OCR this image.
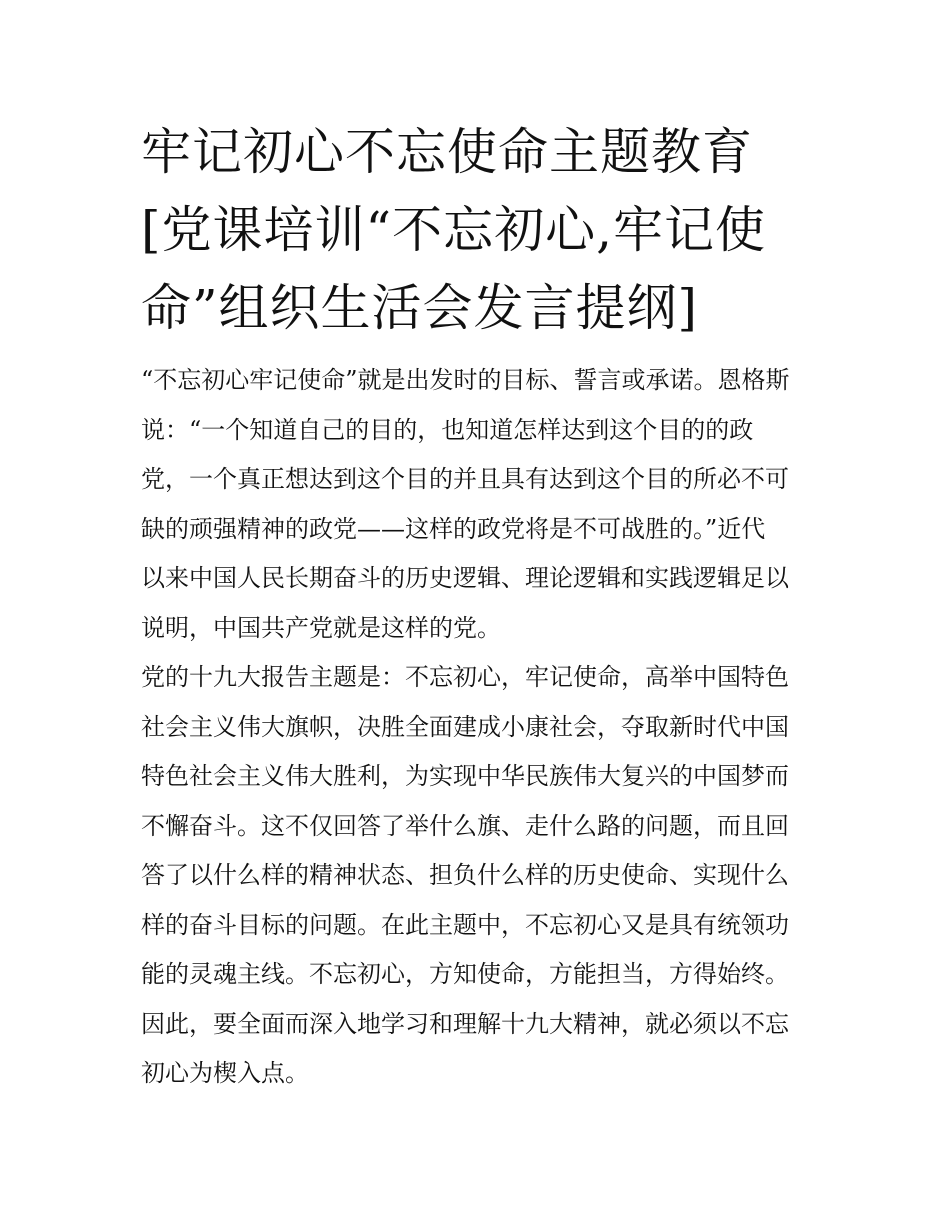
牢记初心不忘使命主题教育
[党课培训“不忘初心,牢记使
命”组织生活会发言提纲]

“不忘初心牢记使命”就是出发时的目标、誓言或承诺。恩格斯
说：“一个知道自己的目的，也知道怎样达到这个目的的政
党，一个真正想达到这个目的并且具有达到这个目的所必不可
缺的顽强精神的政党——这样的政党将是不可战胜的。”近代
以来中国人民长期奋斗的历史逻辑、理论逻辑和实践逻辑足以
说明，中国共产党就是这样的党。

党的十九大报告主题是：不忘初心，牢记使命，高举中国特色
社会主义伟大旗帜，决胜全面建成小康社会，夺取新时代中国
特色社会主义伟大胜利，为实现中华民族伟大复兴的中国梦而
不懈奋斗。这不仅回答了举什么旗、走什么路的问题，而且回
答了以什么样的精神状态、担负什么样的历史使命、实现什么
样的奋斗目标的问题。在此主题中，不忘初心又是具有统领功
能的灵魂主线。不忘初心，方知使命，方能担当，方得始终。
因此，要全面而深入地学习和理解十九大精神，就必须以不忘
初心为楔入点。
